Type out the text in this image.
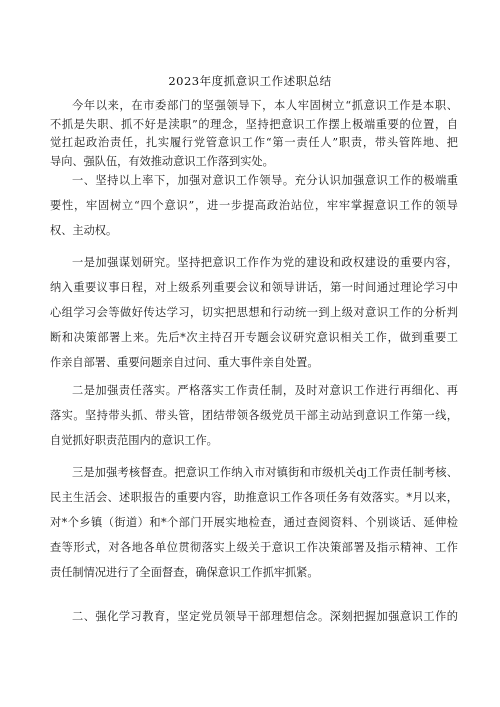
2023年度抓意识工作述职总结
今年以来，在市委部门的坚强领导下，本人牢固树立“抓意识工作是本职、
不抓是失职、抓不好是渎职”的理念，坚持把意识工作摆上极端重要的位置，自
觉扛起政治责任，扎实履行党管意识工作“第一责任人”职责，带头管阵地、把
导向、强队伍，有效推动意识工作落到实处。
一、坚持以上率下，加强对意识工作领导。充分认识加强意识工作的极端重
要性，牢固树立“四个意识”，进一步提高政治站位，牢牢掌握意识工作的领导
权、主动权。
一是加强谋划研究。坚持把意识工作作为党的建设和政权建设的重要内容，
纳入重要议事日程，对上级系列重要会议和领导讲话，第一时间通过理论学习中
心组学习会等做好传达学习，切实把思想和行动统一到上级对意识工作的分析判
断和决策部署上来。先后*次主持召开专题会议研究意识相关工作，做到重要工
作亲自部署、重要问题亲自过问、重大事件亲自处置。
二是加强责任落实。严格落实工作责任制，及时对意识工作进行再细化、再
落实。坚持带头抓、带头管，团结带领各级党员干部主动站到意识工作第一线，
自觉抓好职责范围内的意识工作。
三是加强考核督查。把意识工作纳入市对镇街和市级机关dj工作责任制考核、
民主生活会、述职报告的重要内容，助推意识工作各项任务有效落实。*月以来，
对*个乡镇（街道）和*个部门开展实地检查，通过查阅资料、个别谈话、延伸检
查等形式，对各地各单位贯彻落实上级关于意识工作决策部署及指示精神、工作
责任制情况进行了全面督查，确保意识工作抓牢抓紧。
二、强化学习教育，坚定党员领导干部理想信念。深刻把握加强意识工作的
